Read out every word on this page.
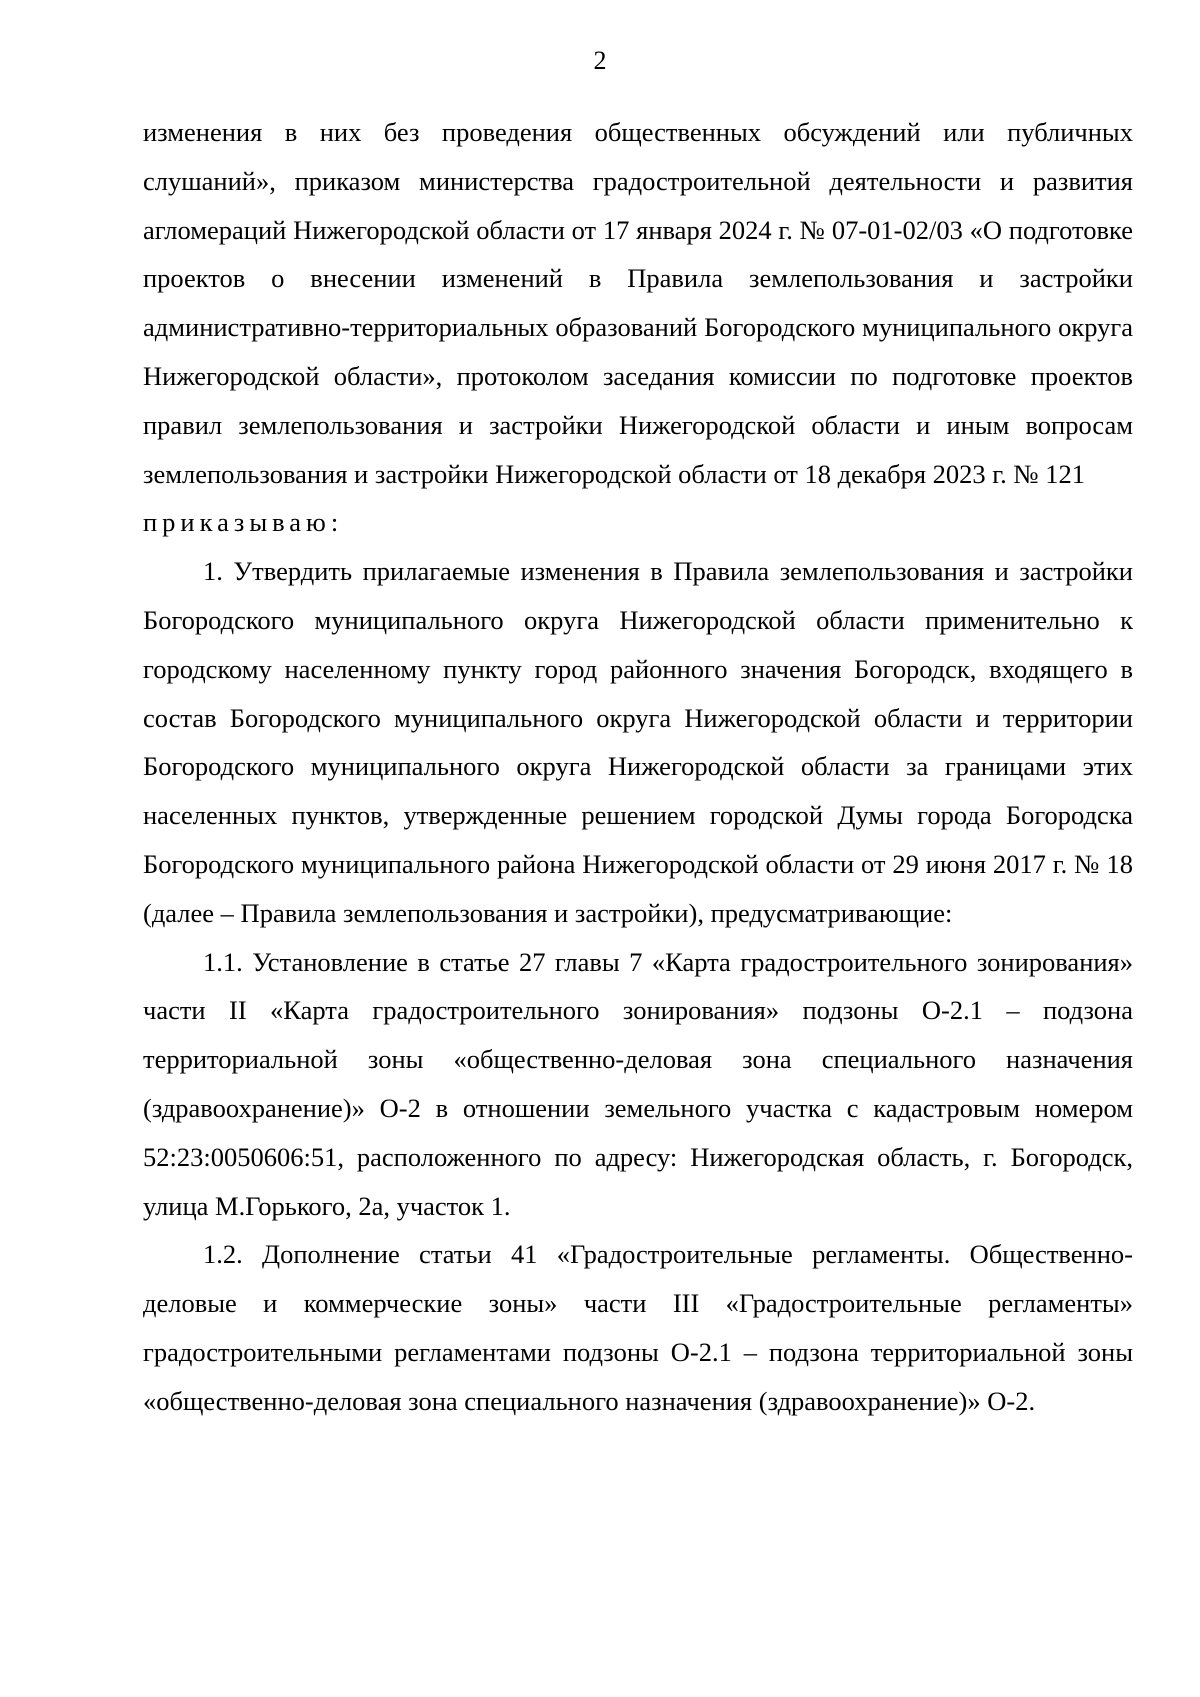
2

изменения в них без проведения общественных обсуждений или публичных слушаний», приказом министерства градостроительной деятельности и развития агломераций Нижегородской области от 17 января 2024 г. № 07-01-02/03 «О подготовке проектов о внесении изменений в Правила землепользования и застройки административно-территориальных образований Богородского муниципального округа Нижегородской области», протоколом заседания комиссии по подготовке проектов правил землепользования и застройки Нижегородской области и иным вопросам землепользования и застройки Нижегородской области от 18 декабря 2023 г. № 121

приказываю:

1. Утвердить прилагаемые изменения в Правила землепользования и застройки Богородского муниципального округа Нижегородской области применительно к городскому населенному пункту город районного значения Богородск, входящего в состав Богородского муниципального округа Нижегородской области и территории Богородского муниципального округа Нижегородской области за границами этих населенных пунктов, утвержденные решением городской Думы города Богородска Богородского муниципального района Нижегородской области от 29 июня 2017 г. № 18 (далее – Правила землепользования и застройки), предусматривающие:

1.1. Установление в статье 27 главы 7 «Карта градостроительного зонирования» части II «Карта градостроительного зонирования» подзоны О-2.1 – подзона территориальной зоны «общественно-деловая зона специального назначения (здравоохранение)» О-2 в отношении земельного участка с кадастровым номером 52:23:0050606:51, расположенного по адресу: Нижегородская область, г. Богородск, улица М.Горького, 2а, участок 1.

1.2. Дополнение статьи 41 «Градостроительные регламенты. Общественно-деловые и коммерческие зоны» части III «Градостроительные регламенты» градостроительными регламентами подзоны О-2.1 – подзона территориальной зоны «общественно-деловая зона специального назначения (здравоохранение)» О-2.
